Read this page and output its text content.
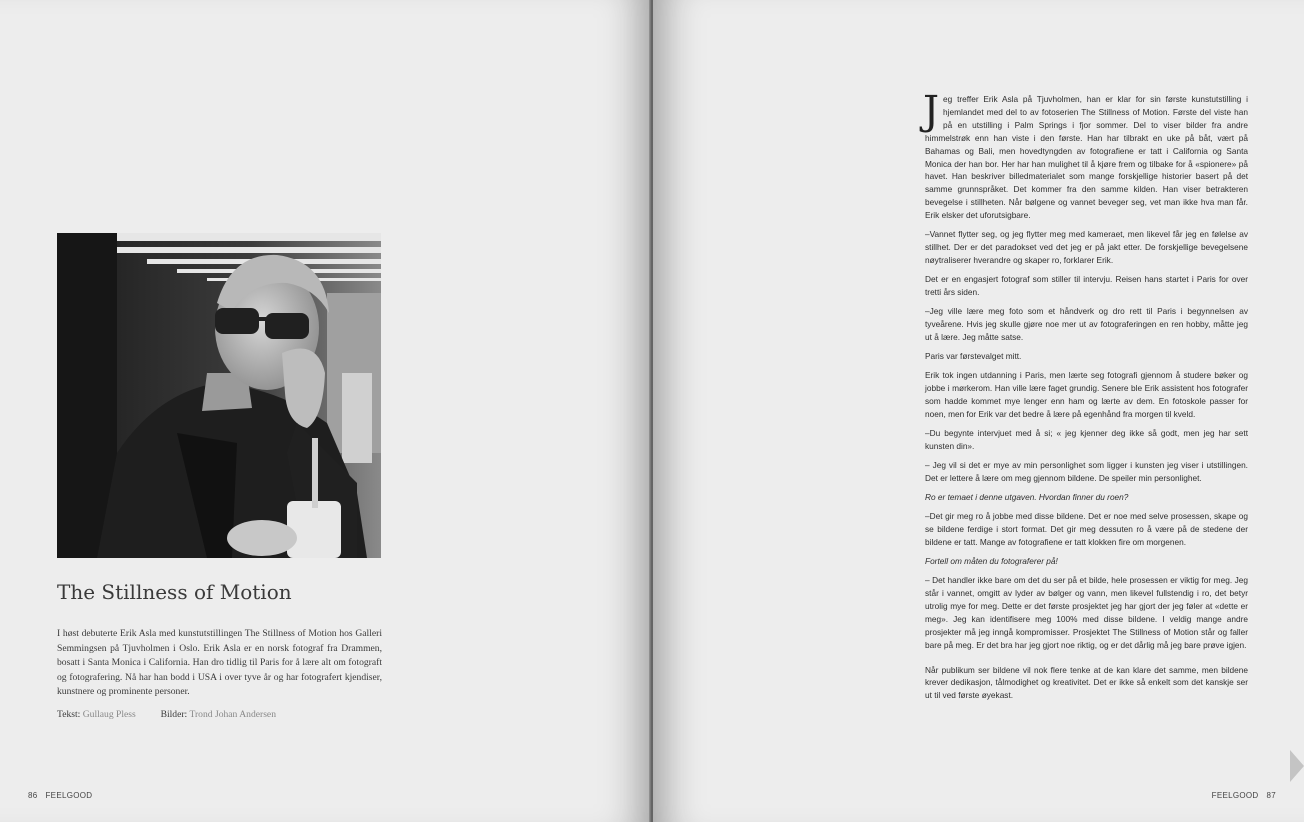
The Stillness of Motion

I høst debuterte Erik Asla med kunstutstillingen The Stillness of Motion hos Galleri Semmingsen på Tjuvholmen i Oslo. Erik Asla er en norsk fotograf fra Drammen, bosatt i Santa Monica i California. Han dro tidlig til Paris for å lære alt om fotograft og fotografering. Nå har han bodd i USA i over tyve år og har fotografert kjendiser, kunstnere og prominente personer.

Tekst: Gullaug Pless	Bilder: Trond Johan Andersen
86 FEELGOOD

Jeg treffer Erik Asla på Tjuvholmen, han er klar for sin første kunstutstilling i hjemlandet med del to av fotoserien The Stillness of Motion. Første del viste han på en utstilling i Palm Springs i fjor sommer. Del to viser bilder fra andre himmelstrøk enn han viste i den første. Han har tilbrakt en uke på båt, vært på Bahamas og Bali, men hovedtyngden av fotografiene er tatt i California og Santa Monica der han bor. Her har han mulighet til å kjøre frem og tilbake for å «spionere» på havet. Han beskriver billedmaterialet som mange forskjellige historier basert på det samme grunnspråket. Det kommer fra den samme kilden. Han viser betrakteren bevegelse i stillheten. Når bølgene og vannet beveger seg, vet man ikke hva man får. Erik elsker det uforutsigbare.

–Vannet flytter seg, og jeg flytter meg med kameraet, men likevel får jeg en følelse av stillhet. Der er det paradokset ved det jeg er på jakt etter. De forskjellige bevegelsene nøytraliserer hverandre og skaper ro, forklarer Erik.

Det er en engasjert fotograf som stiller til intervju. Reisen hans startet i Paris for over tretti års siden.

–Jeg ville lære meg foto som et håndverk og dro rett til Paris i begynnelsen av tyveårene. Hvis jeg skulle gjøre noe mer ut av fotograferingen en ren hobby, måtte jeg ut å lære. Jeg måtte satse.

Paris var førstevalget mitt.

Erik tok ingen utdanning i Paris, men lærte seg fotografi gjennom å studere bøker og jobbe i mørkerom. Han ville lære faget grundig. Senere ble Erik assistent hos fotografer som hadde kommet mye lenger enn ham og lærte av dem. En fotoskole passer for noen, men for Erik var det bedre å lære på egenhånd fra morgen til kveld.

–Du begynte intervjuet med å si; « jeg kjenner deg ikke så godt, men jeg har sett kunsten din».

– Jeg vil si det er mye av min personlighet som ligger i kunsten jeg viser i utstillingen. Det er lettere å lære om meg gjennom bildene. De speiler min personlighet.

Ro er temaet i denne utgaven. Hvordan finner du roen?

–Det gir meg ro å jobbe med disse bildene. Det er noe med selve prosessen, skape og se bildene ferdige i stort format. Det gir meg dessuten ro å være på de stedene der bildene er tatt. Mange av fotografiene er tatt klokken fire om morgenen.

Fortell om måten du fotograferer på!

– Det handler ikke bare om det du ser på et bilde, hele prosessen er viktig for meg. Jeg står i vannet, omgitt av lyder av bølger og vann, men likevel fullstendig i ro, det betyr utrolig mye for meg. Dette er det første prosjektet jeg har gjort der jeg føler at «dette er meg». Jeg kan identifisere meg 100% med disse bildene. I veldig mange andre prosjekter må jeg inngå kompromisser. Prosjektet The Stillness of Motion står og faller bare på meg. Er det bra har jeg gjort noe riktig, og er det dårlig må jeg bare prøve igjen.

Når publikum ser bildene vil nok flere tenke at de kan klare det samme, men bildene krever dedikasjon, tålmodighet og kreativitet. Det er ikke så enkelt som det kanskje ser ut til ved første øyekast.

FEELGOOD 87
